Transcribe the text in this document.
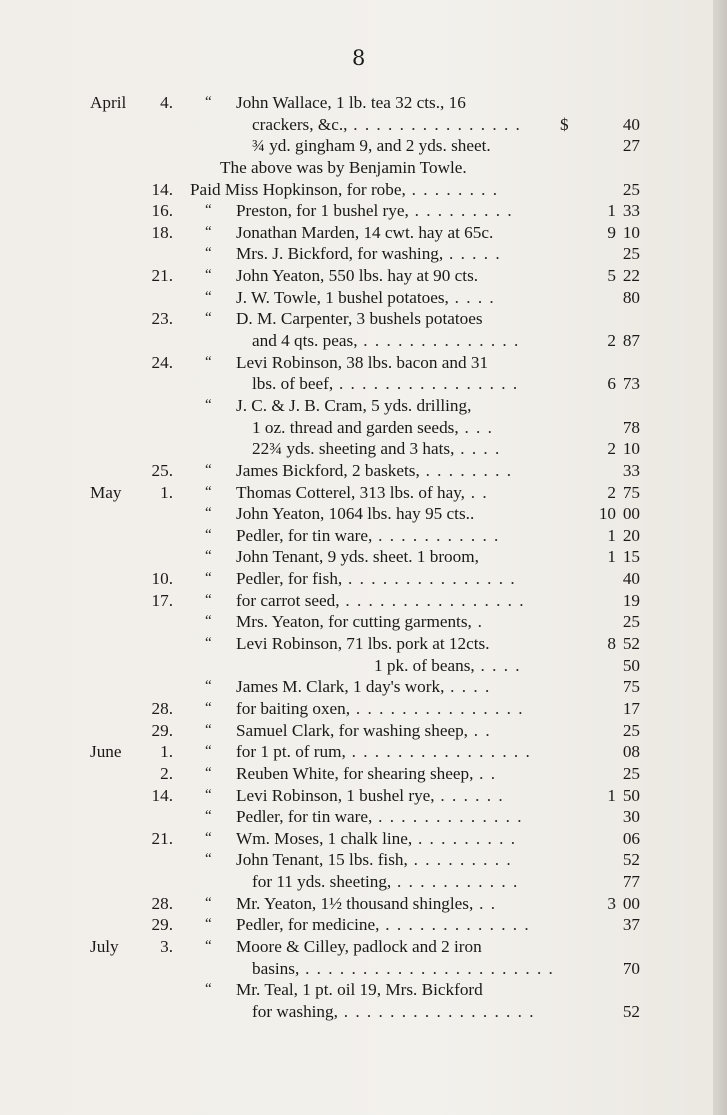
8
April 4. “ John Wallace, 1 lb. tea 32 cts., 16
crackers, &c., . . . . . . . . . . . . . . . $	40
¾ yd. gingham 9, and 2 yds. sheet.	27
The above was by Benjamin Towle.
14. Paid Miss Hopkinson, for robe, . . . . . . . .	25
16. “ Preston, for 1 bushel rye, . . . . . . . . .	1 33
18. “ Jonathan Marden, 14 cwt. hay at 65c.	9 10
“ Mrs. J. Bickford, for washing, . . . . .	25
21. “ John Yeaton, 550 lbs. hay at 90 cts.	5 22
“ J. W. Towle, 1 bushel potatoes, . . . .	80
23. “ D. M. Carpenter, 3 bushels potatoes
and 4 qts. peas, . . . . . . . . . . . . . .	2 87
24. “ Levi Robinson, 38 lbs. bacon and 31
lbs. of beef, . . . . . . . . . . . . . . . .	6 73
“ J. C. & J. B. Cram, 5 yds. drilling,
1 oz. thread and garden seeds, . . .	78
22¾ yds. sheeting and 3 hats, . . . .	2 10
25. “ James Bickford, 2 baskets, . . . . . . . .	33
May 1. “ Thomas Cotterel, 313 lbs. of hay, . .	2 75
“ John Yeaton, 1064 lbs. hay 95 cts..	10 00
“ Pedler, for tin ware, . . . . . . . . . . .	1 20
“ John Tenant, 9 yds. sheet. 1 broom,	1 15
10. “ Pedler, for fish, . . . . . . . . . . . . . . .	40
17. “ for carrot seed, . . . . . . . . . . . . . . . .	19
“ Mrs. Yeaton, for cutting garments, .	25
“ Levi Robinson, 71 lbs. pork at 12cts.	8 52
1 pk. of beans, . . . .	50
“ James M. Clark, 1 day's work, . . . .	75
28. “ for baiting oxen, . . . . . . . . . . . . . . .	17
29. “ Samuel Clark, for washing sheep, . .	25
June 1. “ for 1 pt. of rum, . . . . . . . . . . . . . . . .	08
2. “ Reuben White, for shearing sheep, . .	25
14. “ Levi Robinson, 1 bushel rye, . . . . . .	1 50
“ Pedler, for tin ware, . . . . . . . . . . . . .	30
21. “ Wm. Moses, 1 chalk line, . . . . . . . . .	06
“ John Tenant, 15 lbs. fish, . . . . . . . . .	52
for 11 yds. sheeting, . . . . . . . . . . .	77
28. “ Mr. Yeaton, 1½ thousand shingles, . .	3 00
29. “ Pedler, for medicine, . . . . . . . . . . . . .	37
July 3. “ Moore & Cilley, padlock and 2 iron
basins, . . . . . . . . . . . . . . . . . . . . . .	70
“ Mr. Teal, 1 pt. oil 19, Mrs. Bickford
for washing, . . . . . . . . . . . . . . . . .	52
